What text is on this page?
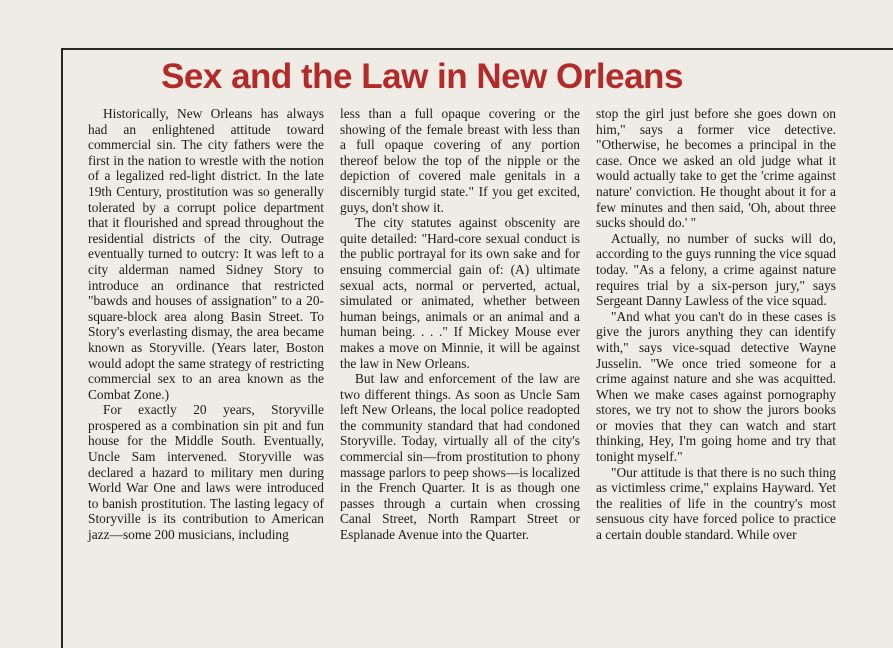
Sex and the Law in New Orleans

Historically, New Orleans has always had an enlightened attitude toward commercial sin. The city fathers were the first in the nation to wrestle with the notion of a legalized red-light district. In the late 19th Century, prostitution was so generally tolerated by a corrupt police department that it flourished and spread throughout the residential districts of the city. Outrage eventually turned to outcry: It was left to a city alderman named Sidney Story to introduce an ordinance that restricted "bawds and houses of assignation" to a 20-square-block area along Basin Street. To Story's everlasting dismay, the area became known as Storyville. (Years later, Boston would adopt the same strategy of restricting commercial sex to an area known as the Combat Zone.)

For exactly 20 years, Storyville prospered as a combination sin pit and fun house for the Middle South. Eventually, Uncle Sam intervened. Storyville was declared a hazard to military men during World War One and laws were introduced to banish prostitution. The lasting legacy of Storyville is its contribution to American jazz—some 200 musicians, including

less than a full opaque covering or the showing of the female breast with less than a full opaque covering of any portion thereof below the top of the nipple or the depiction of covered male genitals in a discernibly turgid state." If you get excited, guys, don't show it.

The city statutes against obscenity are quite detailed: "Hard-core sexual conduct is the public portrayal for its own sake and for ensuing commercial gain of: (A) ultimate sexual acts, normal or perverted, actual, simulated or animated, whether between human beings, animals or an animal and a human being. . . ." If Mickey Mouse ever makes a move on Minnie, it will be against the law in New Orleans.

But law and enforcement of the law are two different things. As soon as Uncle Sam left New Orleans, the local police readopted the community standard that had condoned Storyville. Today, virtually all of the city's commercial sin—from prostitution to phony massage parlors to peep shows—is localized in the French Quarter. It is as though one passes through a curtain when crossing Canal Street, North Rampart Street or Esplanade Avenue into the Quarter.

stop the girl just before she goes down on him," says a former vice detective. "Otherwise, he becomes a principal in the case. Once we asked an old judge what it would actually take to get the 'crime against nature' conviction. He thought about it for a few minutes and then said, 'Oh, about three sucks should do.' "

Actually, no number of sucks will do, according to the guys running the vice squad today. "As a felony, a crime against nature requires trial by a six-person jury," says Sergeant Danny Lawless of the vice squad.

"And what you can't do in these cases is give the jurors anything they can identify with," says vice-squad detective Wayne Jusselin. "We once tried someone for a crime against nature and she was acquitted. When we make cases against pornography stores, we try not to show the jurors books or movies that they can watch and start thinking, Hey, I'm going home and try that tonight myself."

"Our attitude is that there is no such thing as victimless crime," explains Hayward. Yet the realities of life in the country's most sensuous city have forced police to practice a certain double standard. While over
